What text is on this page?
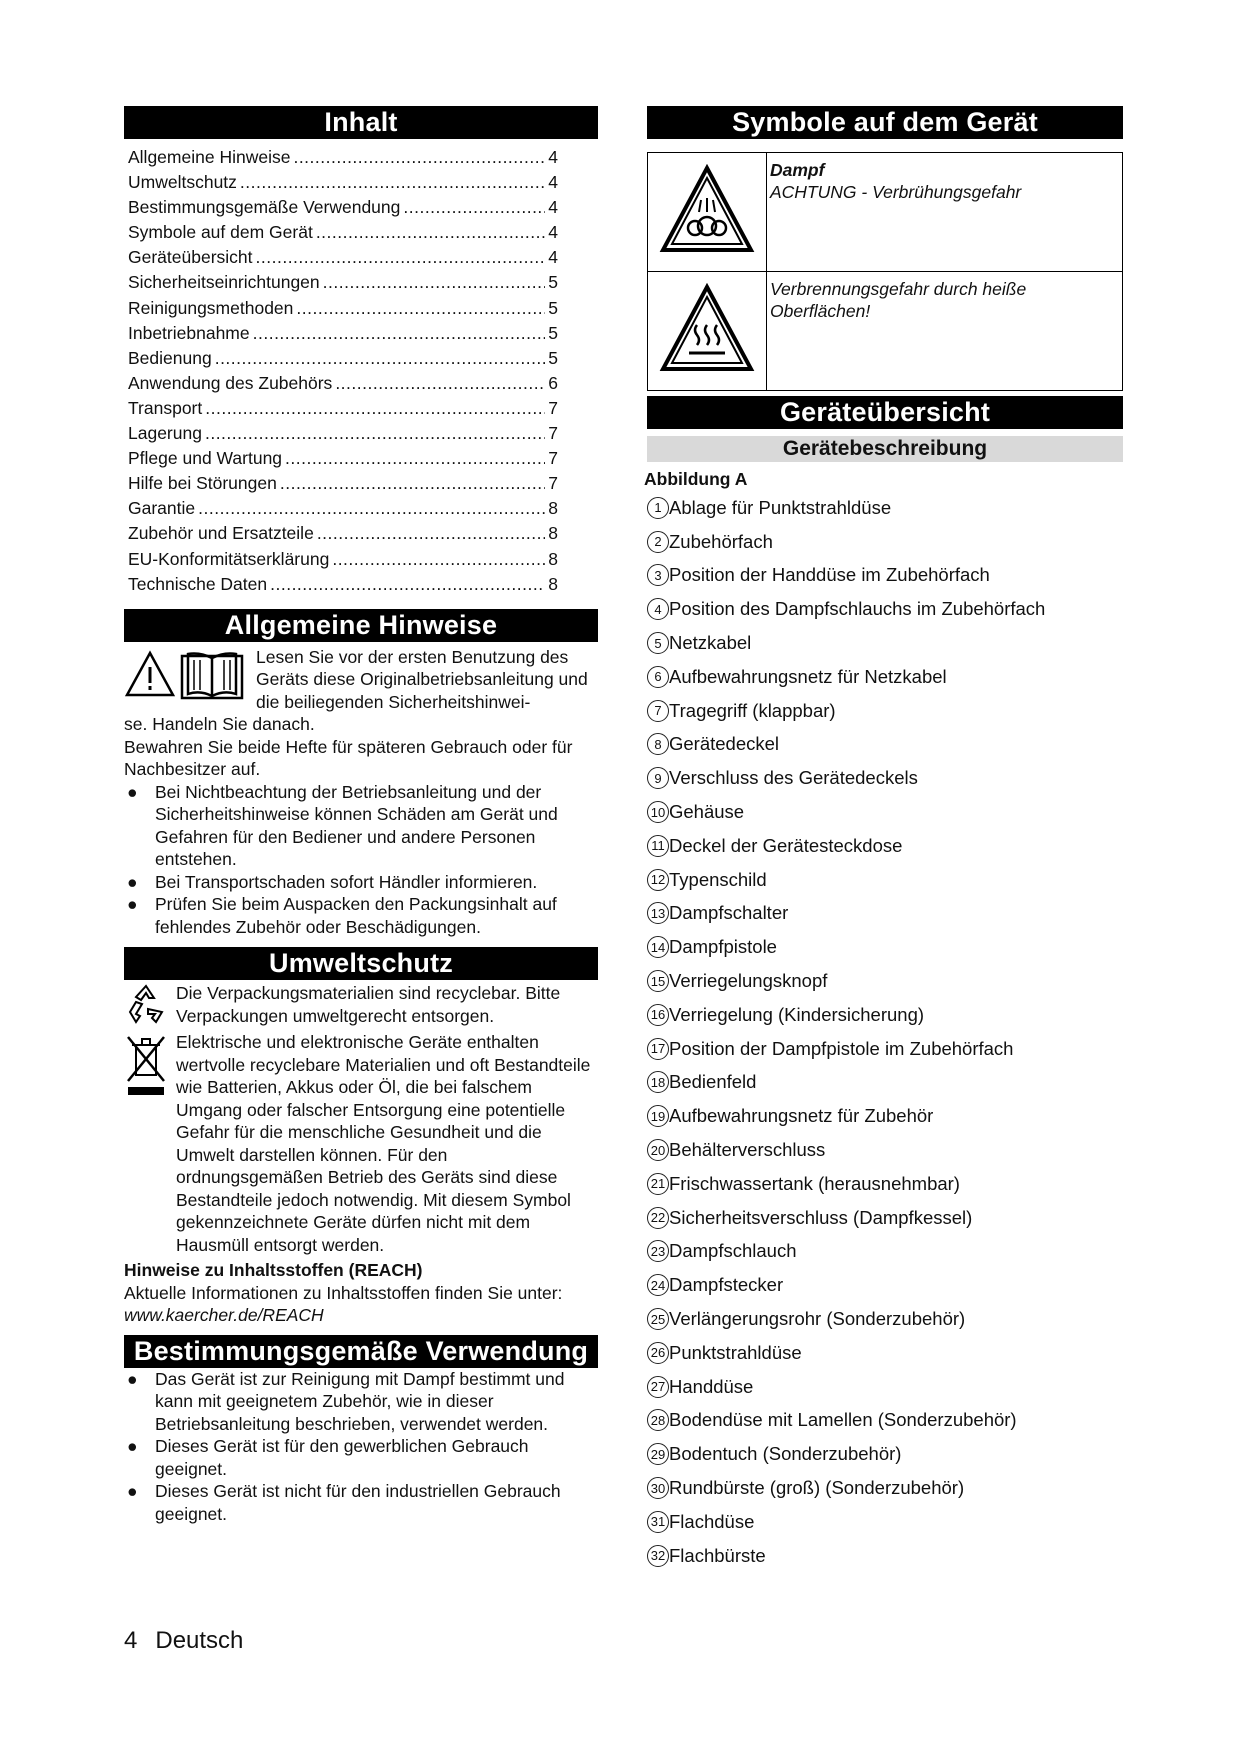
Inhalt
Allgemeine Hinweise .....	4
Umweltschutz .....	4
Bestimmungsgemäße Verwendung .....	4
Symbole auf dem Gerät .....	4
Geräteübersicht .....	4
Sicherheitseinrichtungen .....	5
Reinigungsmethoden .....	5
Inbetriebnahme .....	5
Bedienung .....	5
Anwendung des Zubehörs .....	6
Transport .....	7
Lagerung .....	7
Pflege und Wartung .....	7
Hilfe bei Störungen .....	7
Garantie .....	8
Zubehör und Ersatzteile .....	8
EU-Konformitätserklärung .....	8
Technische Daten .....	8
Allgemeine Hinweise
Lesen Sie vor der ersten Benutzung des Geräts diese Originalbetriebsanleitung und die beiliegenden Sicherheitshinwei-
se. Handeln Sie danach.
Bewahren Sie beide Hefte für späteren Gebrauch oder für Nachbesitzer auf.
● Bei Nichtbeachtung der Betriebsanleitung und der Sicherheitshinweise können Schäden am Gerät und Gefahren für den Bediener und andere Personen entstehen.
● Bei Transportschaden sofort Händler informieren.
● Prüfen Sie beim Auspacken den Packungsinhalt auf fehlendes Zubehör oder Beschädigungen.
Umweltschutz
Die Verpackungsmaterialien sind recyclebar. Bitte Verpackungen umweltgerecht entsorgen.
Elektrische und elektronische Geräte enthalten wertvolle recyclebare Materialien und oft Bestandteile wie Batterien, Akkus oder Öl, die bei falschem Umgang oder falscher Entsorgung eine potentielle Gefahr für die menschliche Gesundheit und die Umwelt darstellen können. Für den ordnungsgemäßen Betrieb des Geräts sind diese Bestandteile jedoch notwendig. Mit diesem Symbol gekennzeichnete Geräte dürfen nicht mit dem Hausmüll entsorgt werden.
Hinweise zu Inhaltsstoffen (REACH)
Aktuelle Informationen zu Inhaltsstoffen finden Sie unter: www.kaercher.de/REACH
Bestimmungsgemäße Verwendung
● Das Gerät ist zur Reinigung mit Dampf bestimmt und kann mit geeignetem Zubehör, wie in dieser Betriebsanleitung beschrieben, verwendet werden.
● Dieses Gerät ist für den gewerblichen Gebrauch geeignet.
● Dieses Gerät ist nicht für den industriellen Gebrauch geeignet.
Symbole auf dem Gerät

Dampf
ACHTUNG - Verbrühungsgefahr

Verbrennungsgefahr durch heiße Oberflächen!
Geräteübersicht
Gerätebeschreibung
Abbildung A
1 Ablage für Punktstrahldüse
2 Zubehörfach
3 Position der Handdüse im Zubehörfach
4 Position des Dampfschlauchs im Zubehörfach
5 Netzkabel
6 Aufbewahrungsnetz für Netzkabel
7 Tragegriff (klappbar)
8 Gerätedeckel
9 Verschluss des Gerätedeckels
10 Gehäuse
11 Deckel der Gerätesteckdose
12 Typenschild
13 Dampfschalter
14 Dampfpistole
15 Verriegelungsknopf
16 Verriegelung (Kindersicherung)
17 Position der Dampfpistole im Zubehörfach
18 Bedienfeld
19 Aufbewahrungsnetz für Zubehör
20 Behälterverschluss
21 Frischwassertank (herausnehmbar)
22 Sicherheitsverschluss (Dampfkessel)
23 Dampfschlauch
24 Dampfstecker
25 Verlängerungsrohr (Sonderzubehör)
26 Punktstrahldüse
27 Handdüse
28 Bodendüse mit Lamellen (Sonderzubehör)
29 Bodentuch (Sonderzubehör)
30 Rundbürste (groß) (Sonderzubehör)
31 Flachdüse
32 Flachbürste
4 Deutsch
